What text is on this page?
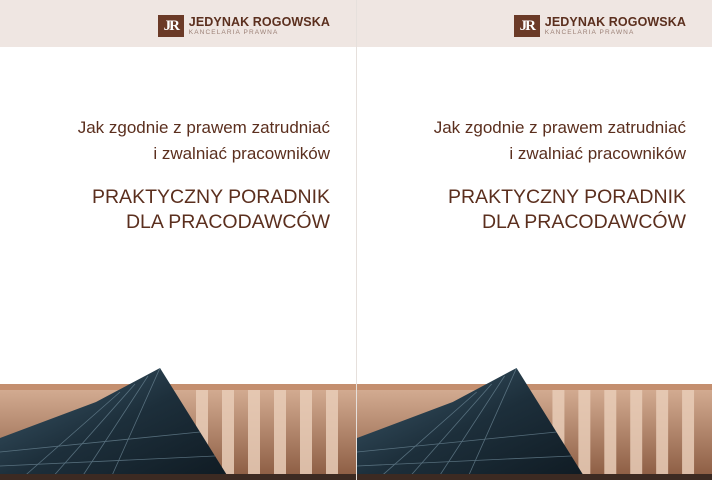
JR JEDYNAK ROGOWSKA
KANCELARIA PRAWNA
Jak zgodnie z prawem zatrudniać
i zwalniać pracowników
PRAKTYCZNY PORADNIK
DLA PRACODAWCÓW
JR JEDYNAK ROGOWSKA
KANCELARIA PRAWNA
Jak zgodnie z prawem zatrudniać
i zwalniać pracowników
PRAKTYCZNY PORADNIK
DLA PRACODAWCÓW
